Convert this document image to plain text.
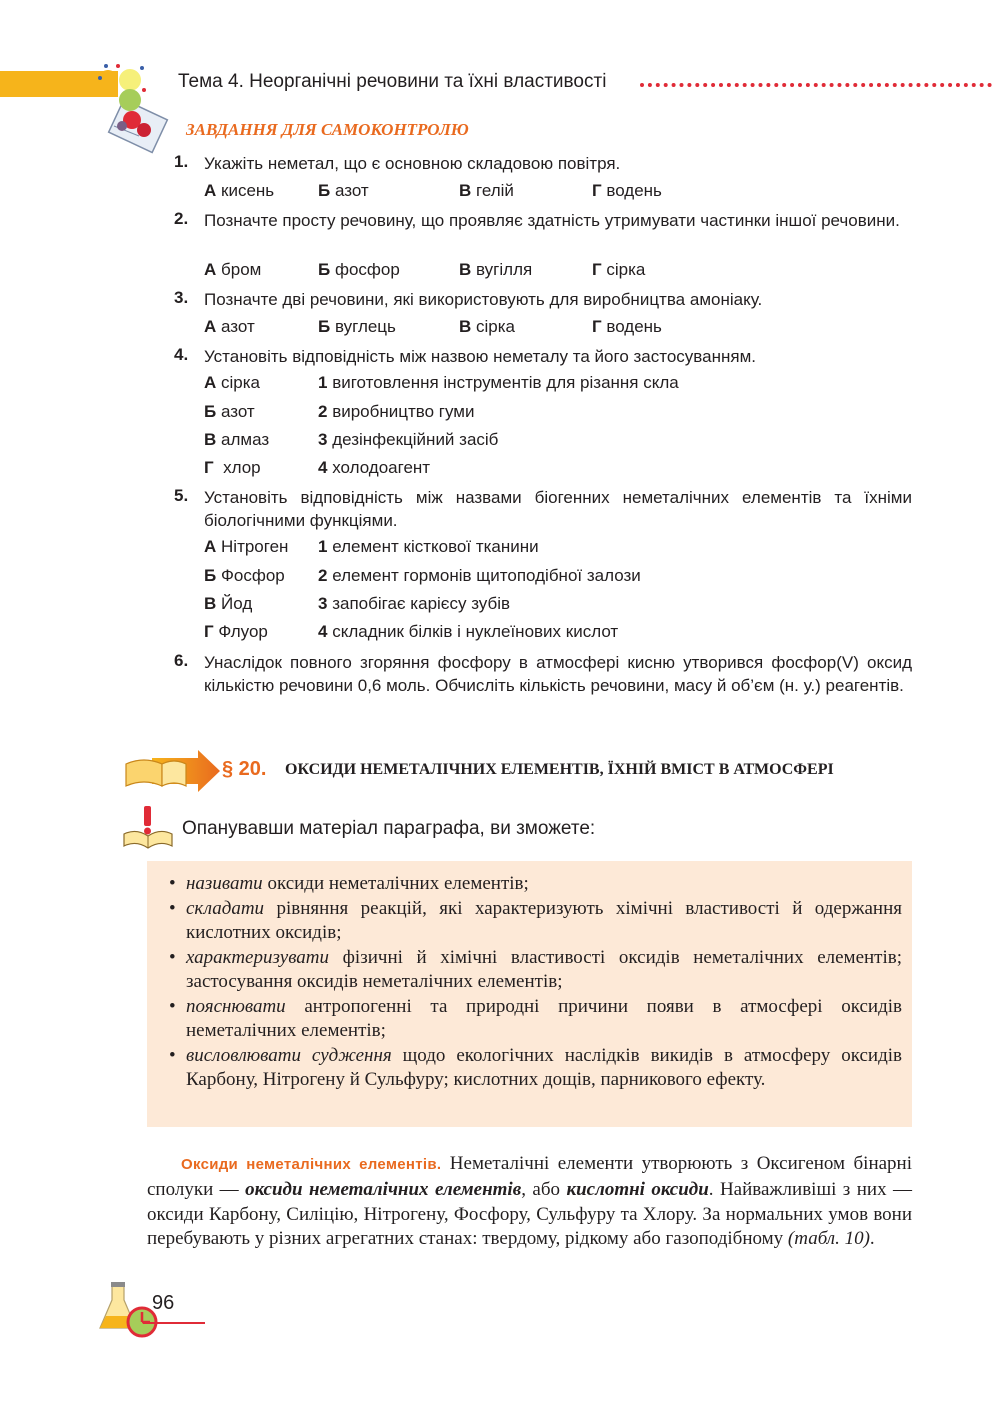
Тема 4. Неорганічні речовини та їхні властивості
ЗАВДАННЯ ДЛЯ САМОКОНТРОЛЮ
1. Укажіть неметал, що є основною складовою повітря.
А кисень	Б азот	В гелій	Г водень
2. Позначте просту речовину, що проявляє здатність утримувати частинки іншої речовини.
А бром	Б фосфор	В вугілля	Г сірка
3. Позначте дві речовини, які використовують для виробництва амоніаку.
А азот	Б вуглець	В сірка	Г водень
4. Установіть відповідність між назвою неметалу та його застосуванням.
А сірка	1 виготовлення інструментів для різання скла
Б азот	2 виробництво гуми
В алмаз	3 дезінфекційний засіб
Г хлор	4 холодоагент
5. Установіть відповідність між назвами біогенних неметалічних елементів та їхніми біологічними функціями.
А Нітроген 1 елемент кісткової тканини
Б Фосфор 2 елемент гормонів щитоподібної залози
В Йод	3 запобігає карієсу зубів
Г Флуор	4 складник білків і нуклеїнових кислот
6. Унаслідок повного згоряння фосфору в атмосфері кисню утворився фосфор(V) оксид кількістю речовини 0,6 моль. Обчисліть кількість речовини, масу й об’єм (н. у.) реагентів.
§ 20. ОКСИДИ НЕМЕТАЛІЧНИХ ЕЛЕМЕНТІВ, ЇХНІЙ ВМІСТ В АТМОСФЕРІ
Опанувавши матеріал параграфа, ви зможете:
• називати оксиди неметалічних елементів;
• складати рівняння реакцій, які характеризують хімічні властивості й одержання кислотних оксидів;
• характеризувати фізичні й хімічні властивості оксидів неметалічних елементів; застосування оксидів неметалічних елементів;
• пояснювати антропогенні та природні причини появи в атмосфері оксидів неметалічних елементів;
• висловлювати судження щодо екологічних наслідків викидів в атмосферу оксидів Карбону, Нітрогену й Сульфуру; кислотних дощів, парникового ефекту.
Оксиди неметалічних елементів. Неметалічні елементи утворюють з Оксигеном бінарні сполуки — оксиди неметалічних елементів, або кислотні оксиди. Найважливіші з них — оксиди Карбону, Силіцію, Нітрогену, Фосфору, Сульфуру та Хлору. За нормальних умов вони перебувають у різних агрегатних станах: твердому, рідкому або газоподібному (табл. 10).
96
